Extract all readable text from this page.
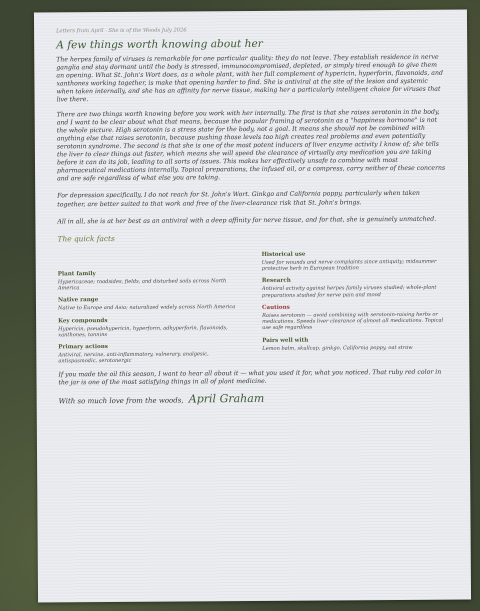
Letters from April · She is of the Woods July 2026
A few things worth knowing about her

The herpes family of viruses is remarkable for one particular quality: they do not leave. They establish residence in nerve ganglia and stay dormant until the body is stressed, immunocompromised, depleted, or simply tired enough to give them an opening. What St. John's Wort does, as a whole plant, with her full complement of hypericin, hyperforin, flavonoids, and xanthones working together, is make that opening harder to find. She is antiviral at the site of the lesion and systemic when taken internally, and she has an affinity for nerve tissue, making her a particularly intelligent choice for viruses that live there.

There are two things worth knowing before you work with her internally. The first is that she raises serotonin in the body, and I want to be clear about what that means, because the popular framing of serotonin as a "happiness hormone" is not the whole picture. High serotonin is a stress state for the body, not a goal. It means she should not be combined with anything else that raises serotonin, because pushing those levels too high creates real problems and even potentially serotonin syndrome. The second is that she is one of the most potent inducers of liver enzyme activity I know of; she tells the liver to clear things out faster, which means she will speed the clearance of virtually any medication you are taking before it can do its job, leading to all sorts of issues. This makes her effectively unsafe to combine with most pharmaceutical medications internally. Topical preparations, the infused oil, or a compress, carry neither of these concerns and are safe regardless of what else you are taking.

For depression specifically, I do not reach for St. John's Wort. Ginkgo and California poppy, particularly when taken together, are better suited to that work and free of the liver-clearance risk that St. John's brings.

All in all, she is at her best as an antiviral with a deep affinity for nerve tissue, and for that, she is genuinely unmatched.

The quick facts
Plant family
Hypericaceae; roadsides, fields, and disturbed soils across North America
Native range
Native to Europe and Asia; naturalized widely across North America
Key compounds
Hypericin, pseudohypericin, hyperforin, adhyperforin, flavonoids, xanthones, tannins
Primary actions
Antiviral, nervine, anti-inflammatory, vulnerary, analgesic, antispasmodic, serotonergic
Historical use
Used for wounds and nerve complaints since antiquity; midsummer protective herb in European tradition
Research
Antiviral activity against herpes family viruses studied; whole-plant preparations studied for nerve pain and mood
Cautions
Raises serotonin — avoid combining with serotonin-raising herbs or medications. Speeds liver clearance of almost all medications. Topical use safe regardless
Pairs well with
Lemon balm, skullcap, ginkgo, California poppy, oat straw

If you made the oil this season, I want to hear all about it — what you used it for, what you noticed. That ruby red color in the jar is one of the most satisfying things in all of plant medicine.

With so much love from the woods, April Graham
